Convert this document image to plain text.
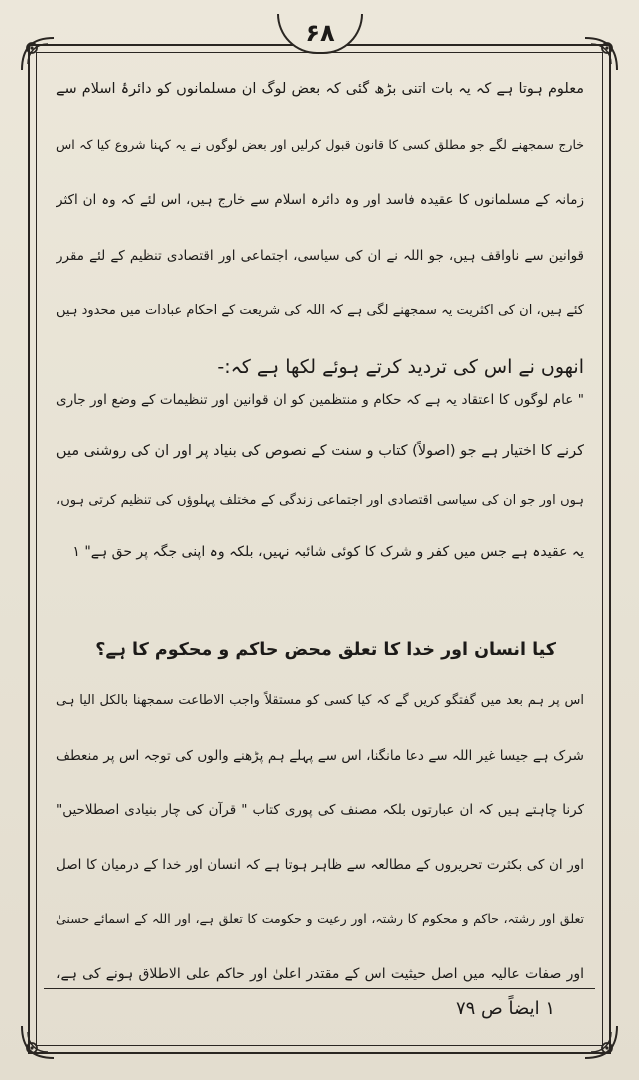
۶۸
معلوم ہوتا ہے کہ یہ بات اتنی بڑھ گئی کہ بعض لوگ ان مسلمانوں کو دائرۂ اسلام سے
خارج سمجھنے لگے جو مطلق کسی کا قانون قبول کرلیں اور بعض لوگوں نے یہ کہنا شروع کیا کہ اس
زمانہ کے مسلمانوں کا عقیدہ فاسد اور وہ دائرہ اسلام سے خارج ہیں، اس لئے کہ وہ ان اکثر
قوانین سے ناواقف ہیں، جو اللہ نے ان کی سیاسی، اجتماعی اور اقتصادی تنظیم کے لئے مقرر
کئے ہیں، ان کی اکثریت یہ سمجھنے لگی ہے کہ اللہ کی شریعت کے احکام عبادات میں محدود ہیں
انھوں نے اس کی تردید کرتے ہوئے لکھا ہے کہ:-
" عام لوگوں کا اعتقاد یہ ہے کہ حکام و منتظمین کو ان قوانین اور تنظیمات کے وضع اور جاری
کرنے کا اختیار ہے جو (اصولاً) کتاب و سنت کے نصوص کی بنیاد پر اور ان کی روشنی میں
ہوں اور جو ان کی سیاسی اقتصادی اور اجتماعی زندگی کے مختلف پہلوؤں کی تنظیم کرتی ہوں،
یہ عقیدہ ہے جس میں کفر و شرک کا کوئی شائبہ نہیں، بلکہ وہ اپنی جگہ پر حق ہے" ۱
کیا انسان اور خدا کا تعلق محض حاکم و محکوم کا ہے؟
اس پر ہم بعد میں گفتگو کریں گے کہ کیا کسی کو مستقلاً واجب الاطاعت سمجھنا بالکل الیا ہی
شرک ہے جیسا غیر اللہ سے دعا مانگنا، اس سے پہلے ہم پڑھنے والوں کی توجہ اس پر منعطف
کرنا چاہتے ہیں کہ ان عبارتوں بلکہ مصنف کی پوری کتاب " قرآن کی چار بنیادی اصطلاحیں"
اور ان کی بکثرت تحریروں کے مطالعہ سے ظاہر ہوتا ہے کہ انسان اور خدا کے درمیان کا اصل
تعلق اور رشتہ، حاکم و محکوم کا رشتہ، اور رعیت و حکومت کا تعلق ہے، اور اللہ کے اسمائے حسنیٰ
اور صفات عالیہ میں اصل حیثیت اس کے مقتدر اعلیٰ اور حاکم علی الاطلاق ہونے کی ہے،
۱ ایضاً ص ۷۹
